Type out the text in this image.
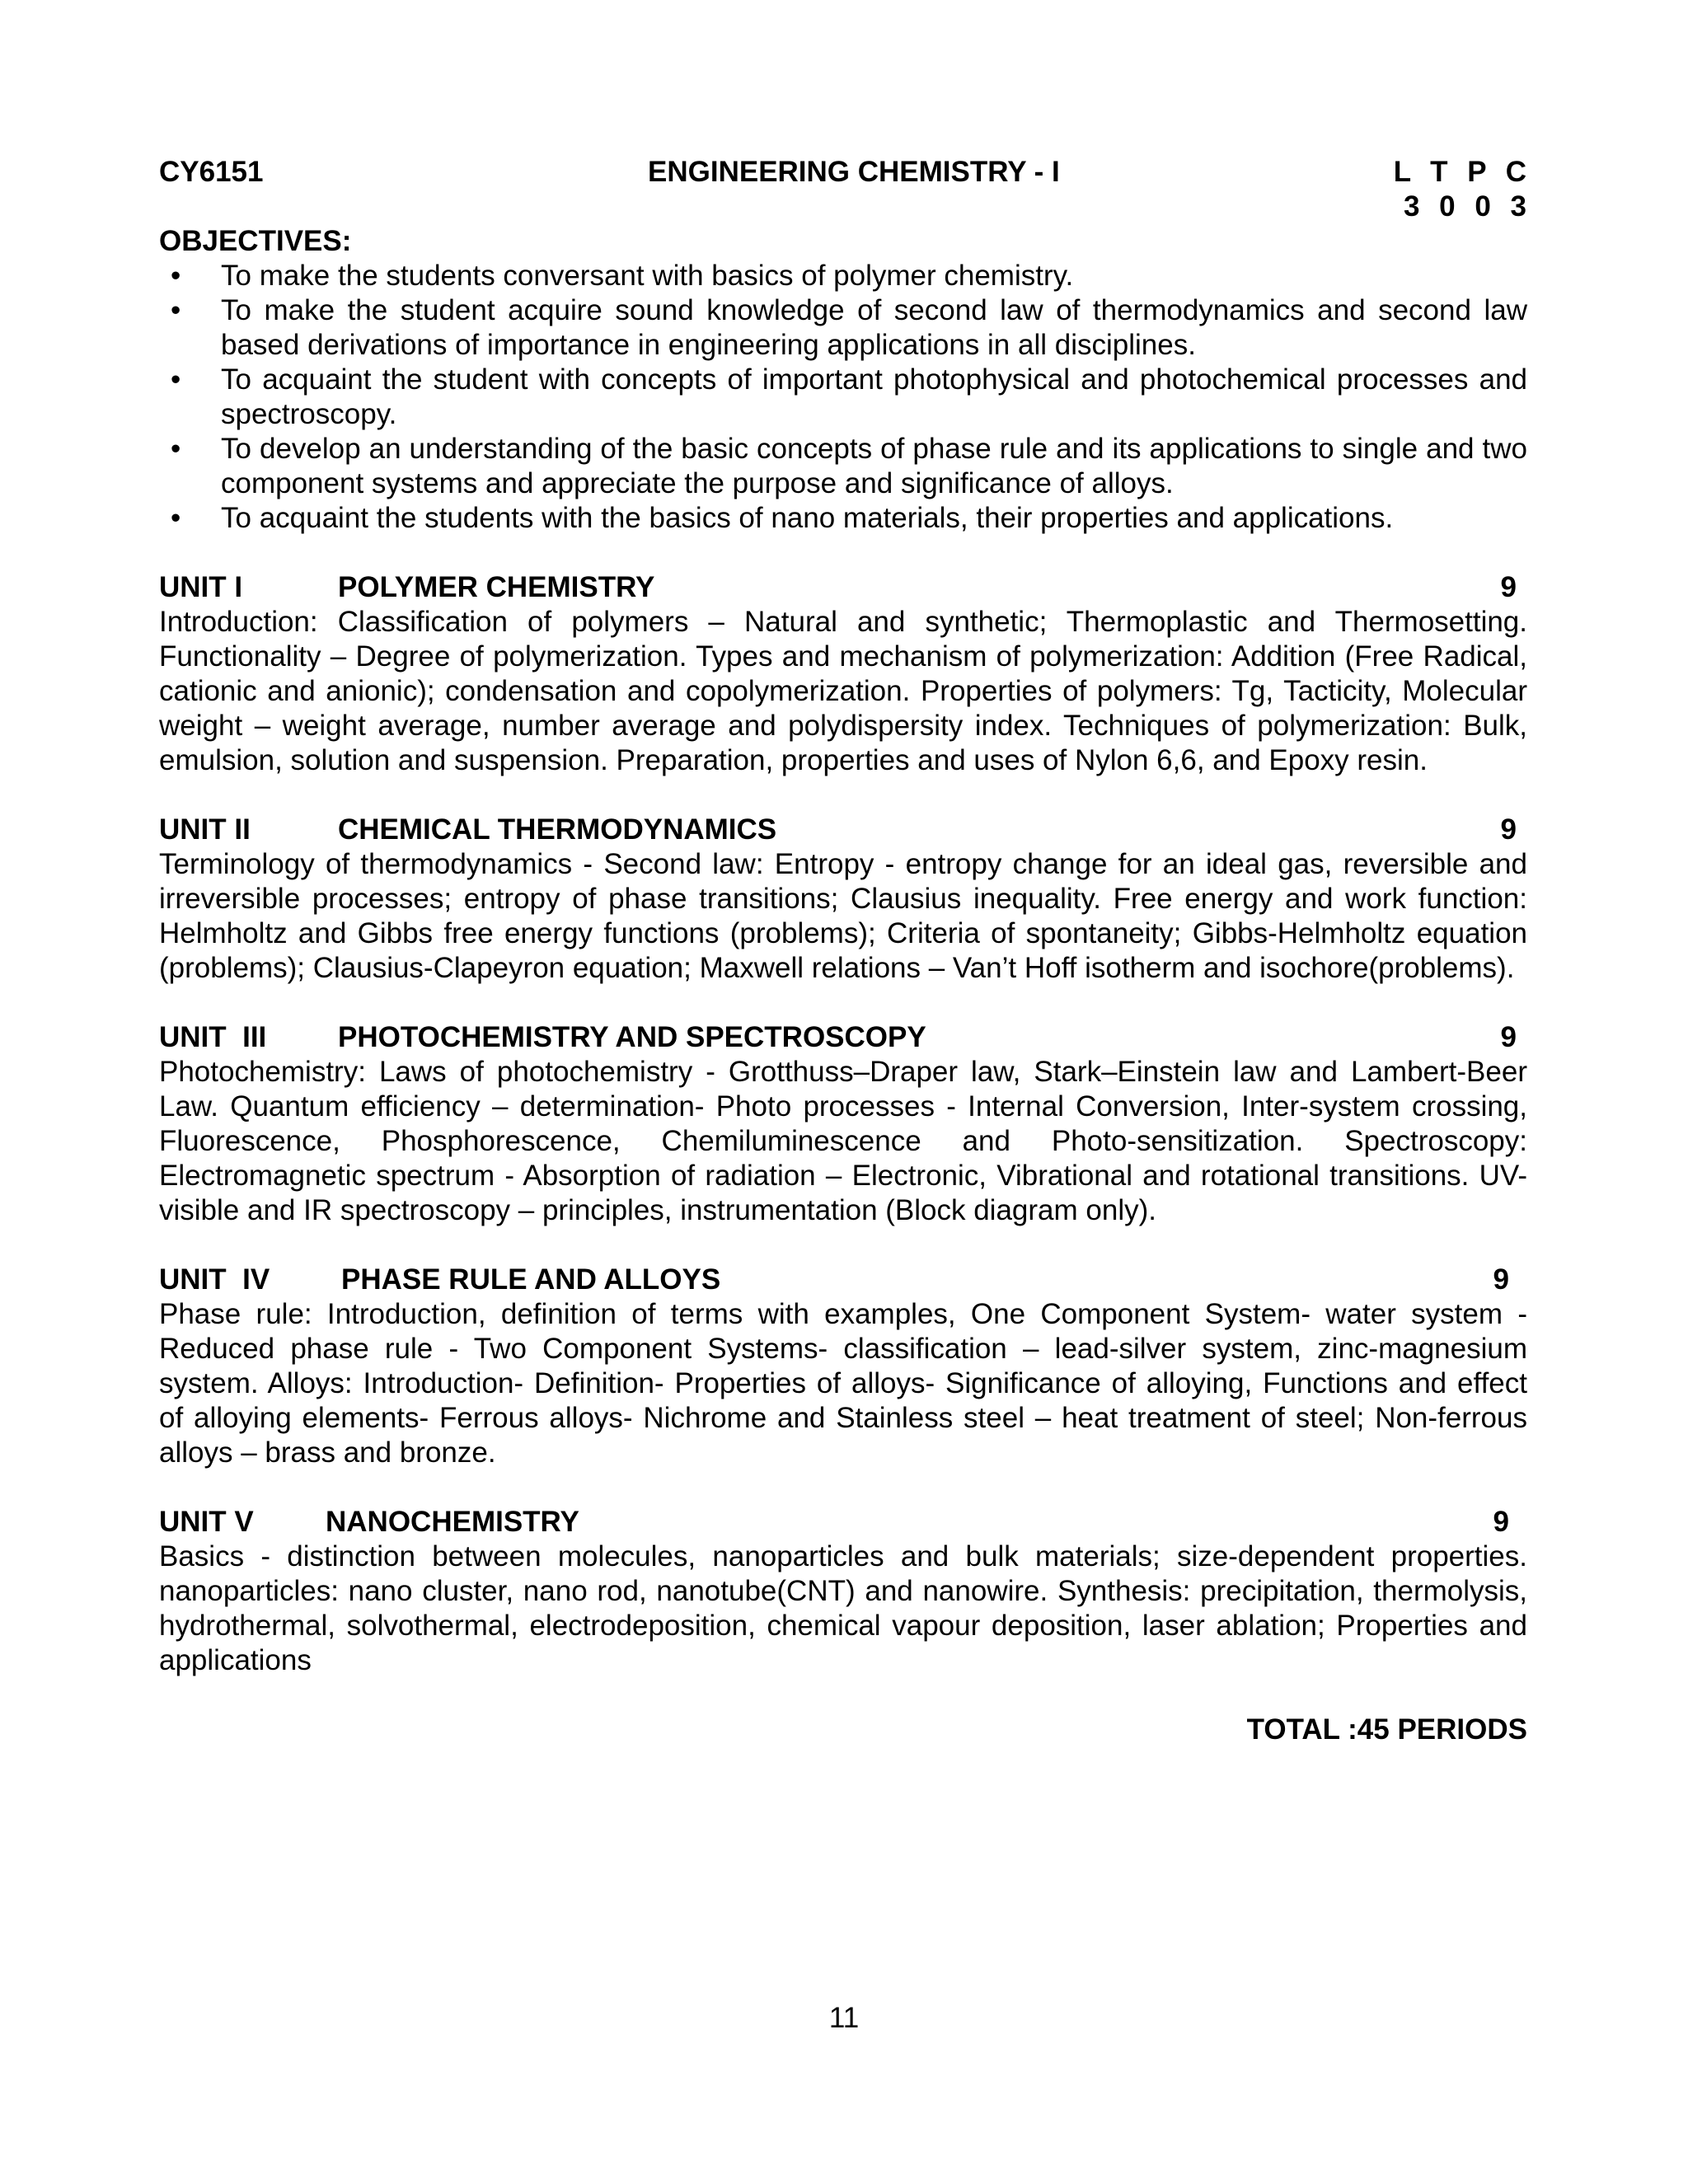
CY6151	ENGINEERING CHEMISTRY - I	L T P C
3 0 0 3
OBJECTIVES:
• To make the students conversant with basics of polymer chemistry.
• To make the student acquire sound knowledge of second law of thermodynamics and second law based derivations of importance in engineering applications in all disciplines.
• To acquaint the student with concepts of important photophysical and photochemical processes and spectroscopy.
• To develop an understanding of the basic concepts of phase rule and its applications to single and two component systems and appreciate the purpose and significance of alloys.
• To acquaint the students with the basics of nano materials, their properties and applications.
UNIT I	POLYMER CHEMISTRY	9
Introduction: Classification of polymers – Natural and synthetic; Thermoplastic and Thermosetting. Functionality – Degree of polymerization. Types and mechanism of polymerization: Addition (Free Radical, cationic and anionic); condensation and copolymerization. Properties of polymers: Tg, Tacticity, Molecular weight – weight average, number average and polydispersity index. Techniques of polymerization: Bulk, emulsion, solution and suspension. Preparation, properties and uses of Nylon 6,6, and Epoxy resin.
UNIT II	CHEMICAL THERMODYNAMICS	9
Terminology of thermodynamics - Second law: Entropy - entropy change for an ideal gas, reversible and irreversible processes; entropy of phase transitions; Clausius inequality. Free energy and work function: Helmholtz and Gibbs free energy functions (problems); Criteria of spontaneity; Gibbs-Helmholtz equation (problems); Clausius-Clapeyron equation; Maxwell relations – Van’t Hoff isotherm and isochore(problems).
UNIT  III PHOTOCHEMISTRY AND SPECTROSCOPY	9
Photochemistry: Laws of photochemistry - Grotthuss–Draper law, Stark–Einstein law and Lambert-Beer Law. Quantum efficiency – determination- Photo processes - Internal Conversion, Inter-system crossing, Fluorescence, Phosphorescence, Chemiluminescence and Photo-sensitization. Spectroscopy: Electromagnetic spectrum - Absorption of radiation – Electronic, Vibrational and rotational transitions. UV-visible and IR spectroscopy – principles, instrumentation (Block diagram only).
UNIT  IV PHASE RULE AND ALLOYS	9
Phase rule: Introduction, definition of terms with examples, One Component System- water system - Reduced phase rule - Two Component Systems- classification – lead-silver system, zinc-magnesium system. Alloys: Introduction- Definition- Properties of alloys- Significance of alloying, Functions and effect of alloying elements- Ferrous alloys- Nichrome and Stainless steel – heat treatment of steel; Non-ferrous alloys – brass and bronze.
UNIT V NANOCHEMISTRY	9
Basics - distinction between molecules, nanoparticles and bulk materials; size-dependent properties. nanoparticles: nano cluster, nano rod, nanotube(CNT) and nanowire. Synthesis: precipitation, thermolysis, hydrothermal, solvothermal, electrodeposition, chemical vapour deposition, laser ablation; Properties and applications
TOTAL :45 PERIODS
11
